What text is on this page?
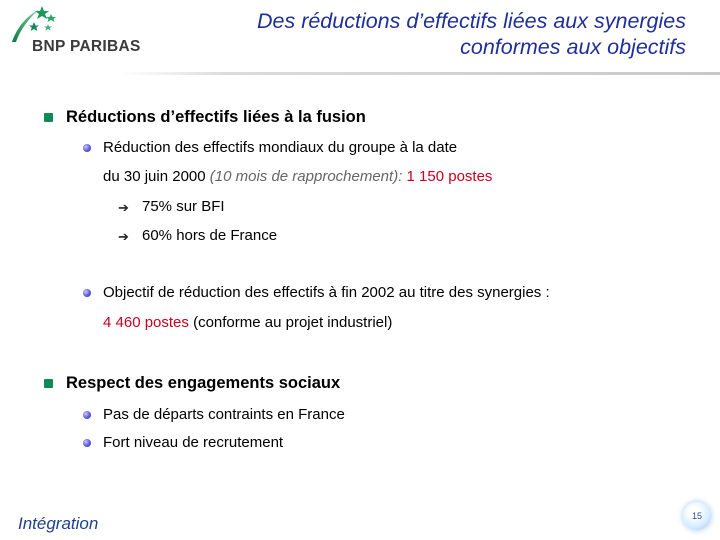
BNP PARIBAS
Des réductions d’effectifs liées aux synergies
conformes aux objectifs
Réductions d’effectifs liées à la fusion
Réduction des effectifs mondiaux du groupe à la date
du 30 juin 2000 (10 mois de rapprochement): 1 150 postes
➔ 75% sur BFI
➔ 60% hors de France
Objectif de réduction des effectifs à fin 2002 au titre des synergies :
4 460 postes (conforme au projet industriel)
Respect des engagements sociaux
Pas de départs contraints en France
Fort niveau de recrutement
Intégration	15
